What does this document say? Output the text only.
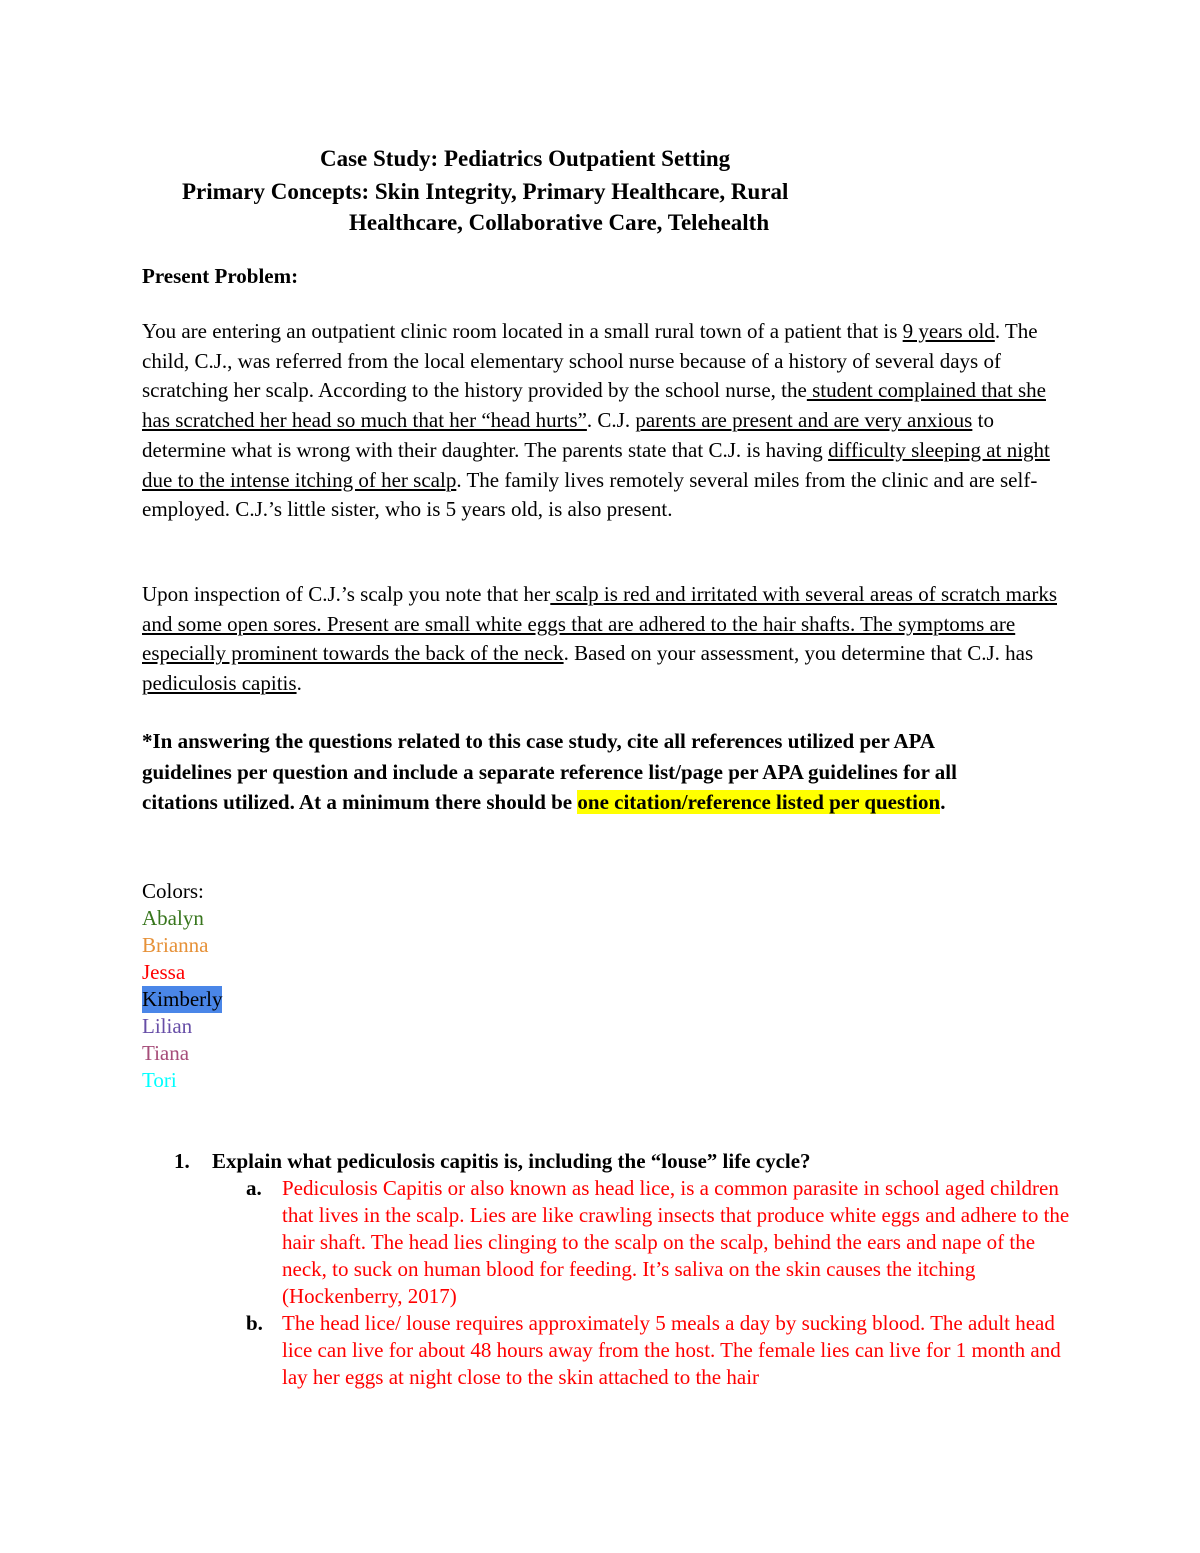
Case Study: Pediatrics Outpatient Setting
Primary Concepts: Skin Integrity, Primary Healthcare, Rural
Healthcare, Collaborative Care, Telehealth
Present Problem:
You are entering an outpatient clinic room located in a small rural town of a patient that is 9 years old. The child, C.J., was referred from the local elementary school nurse because of a history of several days of scratching her scalp. According to the history provided by the school nurse, the student complained that she has scratched her head so much that her “head hurts”. C.J. parents are present and are very anxious to determine what is wrong with their daughter. The parents state that C.J. is having difficulty sleeping at night due to the intense itching of her scalp. The family lives remotely several miles from the clinic and are self-employed. C.J.’s little sister, who is 5 years old, is also present.
Upon inspection of C.J.’s scalp you note that her scalp is red and irritated with several areas of scratch marks and some open sores. Present are small white eggs that are adhered to the hair shafts. The symptoms are especially prominent towards the back of the neck. Based on your assessment, you determine that C.J. has pediculosis capitis.
*In answering the questions related to this case study, cite all references utilized per APA guidelines per question and include a separate reference list/page per APA guidelines for all citations utilized. At a minimum there should be one citation/reference listed per question.
Colors:
Abalyn
Brianna
Jessa
Kimberly
Lilian
Tiana
Tori
1. Explain what pediculosis capitis is, including the “louse” life cycle?
a. Pediculosis Capitis or also known as head lice, is a common parasite in school aged children that lives in the scalp. Lies are like crawling insects that produce white eggs and adhere to the hair shaft. The head lies clinging to the scalp on the scalp, behind the ears and nape of the neck, to suck on human blood for feeding. It’s saliva on the skin causes the itching (Hockenberry, 2017)
b. The head lice/ louse requires approximately 5 meals a day by sucking blood. The adult head lice can live for about 48 hours away from the host. The female lies can live for 1 month and lay her eggs at night close to the skin attached to the hair
